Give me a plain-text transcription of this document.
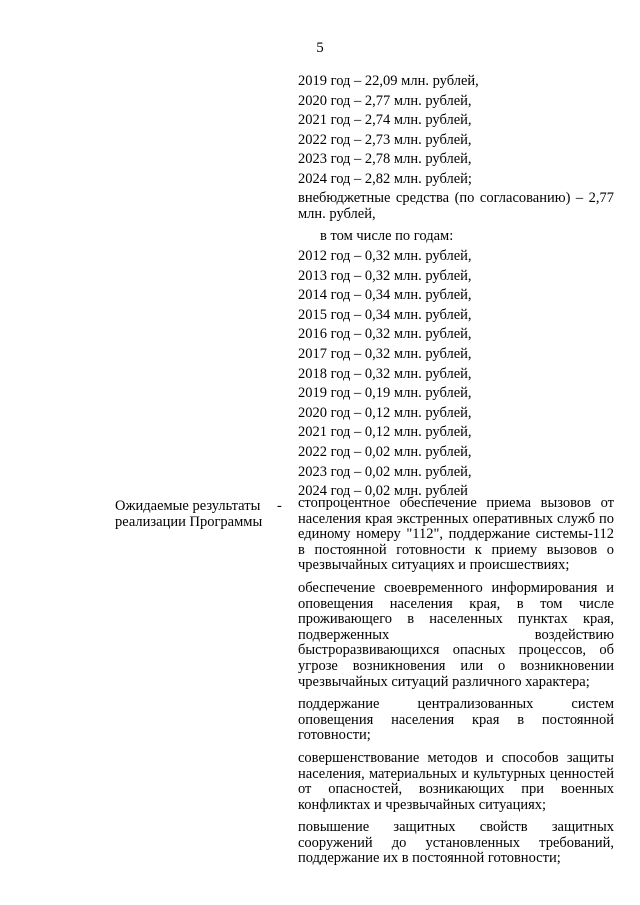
5
2019 год – 22,09 млн. рублей,
2020 год – 2,77 млн. рублей,
2021 год – 2,74 млн. рублей,
2022 год – 2,73 млн. рублей,
2023 год – 2,78 млн. рублей,
2024 год – 2,82 млн. рублей;
внебюджетные средства (по согласованию) – 2,77 млн. рублей,
в том числе по годам:
2012 год – 0,32 млн. рублей,
2013 год – 0,32 млн. рублей,
2014 год – 0,34 млн. рублей,
2015 год – 0,34 млн. рублей,
2016 год – 0,32 млн. рублей,
2017 год – 0,32 млн. рублей,
2018 год – 0,32 млн. рублей,
2019 год – 0,19 млн. рублей,
2020 год – 0,12 млн. рублей,
2021 год – 0,12 млн. рублей,
2022 год – 0,02 млн. рублей,
2023 год – 0,02 млн. рублей,
2024 год – 0,02 млн. рублей
Ожидаемые результаты реализации Программы
- стопроцентное обеспечение приема вызовов от населения края экстренных оперативных служб по единому номеру "112", поддержание системы-112 в постоянной готовности к приему вызовов о чрезвычайных ситуациях и происшествиях;
обеспечение своевременного информирования и оповещения населения края, в том числе проживающего в населенных пунктах края, подверженных воздействию быстроразвивающихся опасных процессов, об угрозе возникновения или о возникновении чрезвычайных ситуаций различного характера;
поддержание централизованных систем оповещения населения края в постоянной готовности;
совершенствование методов и способов защиты населения, материальных и культурных ценностей от опасностей, возникающих при военных конфликтах и чрезвычайных ситуациях;
повышение защитных свойств защитных сооружений до установленных требований, поддержание их в постоянной готовности;
